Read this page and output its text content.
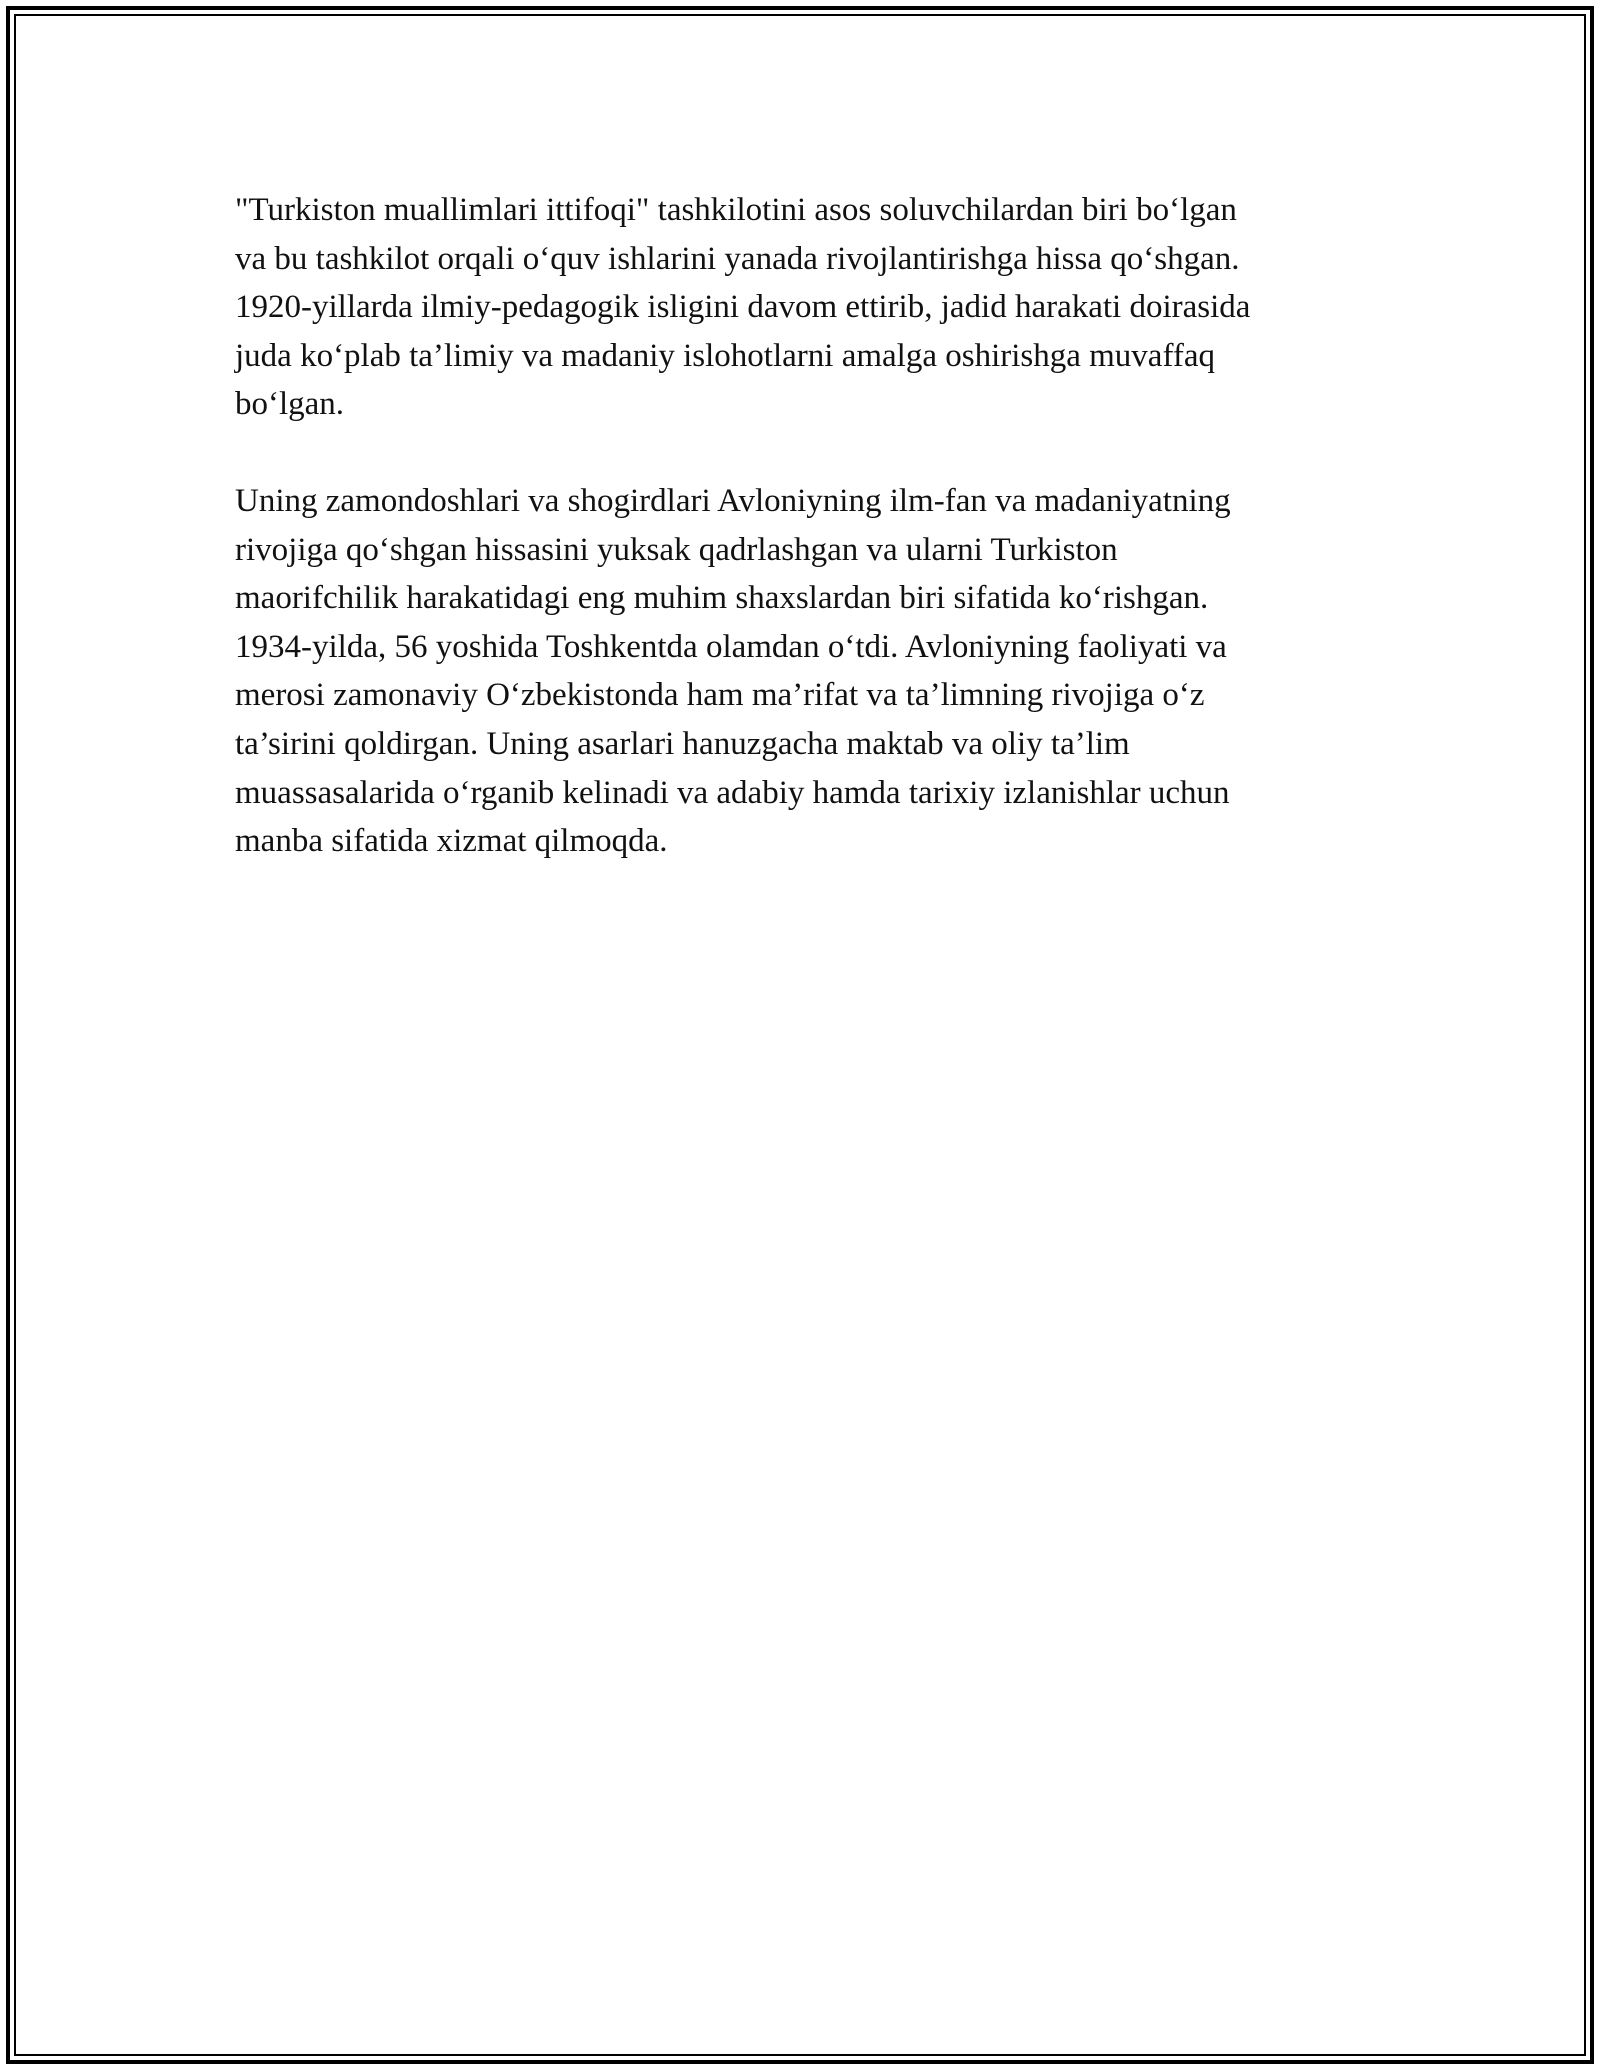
"Turkiston muallimlari ittifoqi" tashkilotini asos soluvchilardan biri bo‘lgan
va bu tashkilot orqali o‘quv ishlarini yanada rivojlantirishga hissa qo‘shgan.
1920-yillarda ilmiy-pedagogik isligini davom ettirib, jadid harakati doirasida
juda ko‘plab ta’limiy va madaniy islohotlarni amalga oshirishga muvaffaq
bo‘lgan.

Uning zamondoshlari va shogirdlari Avloniyning ilm-fan va madaniyatning
rivojiga qo‘shgan hissasini yuksak qadrlashgan va ularni Turkiston
maorifchilik harakatidagi eng muhim shaxslardan biri sifatida ko‘rishgan.
1934-yilda, 56 yoshida Toshkentda olamdan o‘tdi. Avloniyning faoliyati va
merosi zamonaviy O‘zbekistonda ham ma’rifat va ta’limning rivojiga o‘z
ta’sirini qoldirgan. Uning asarlari hanuzgacha maktab va oliy ta’lim
muassasalarida o‘rganib kelinadi va adabiy hamda tarixiy izlanishlar uchun
manba sifatida xizmat qilmoqda.
